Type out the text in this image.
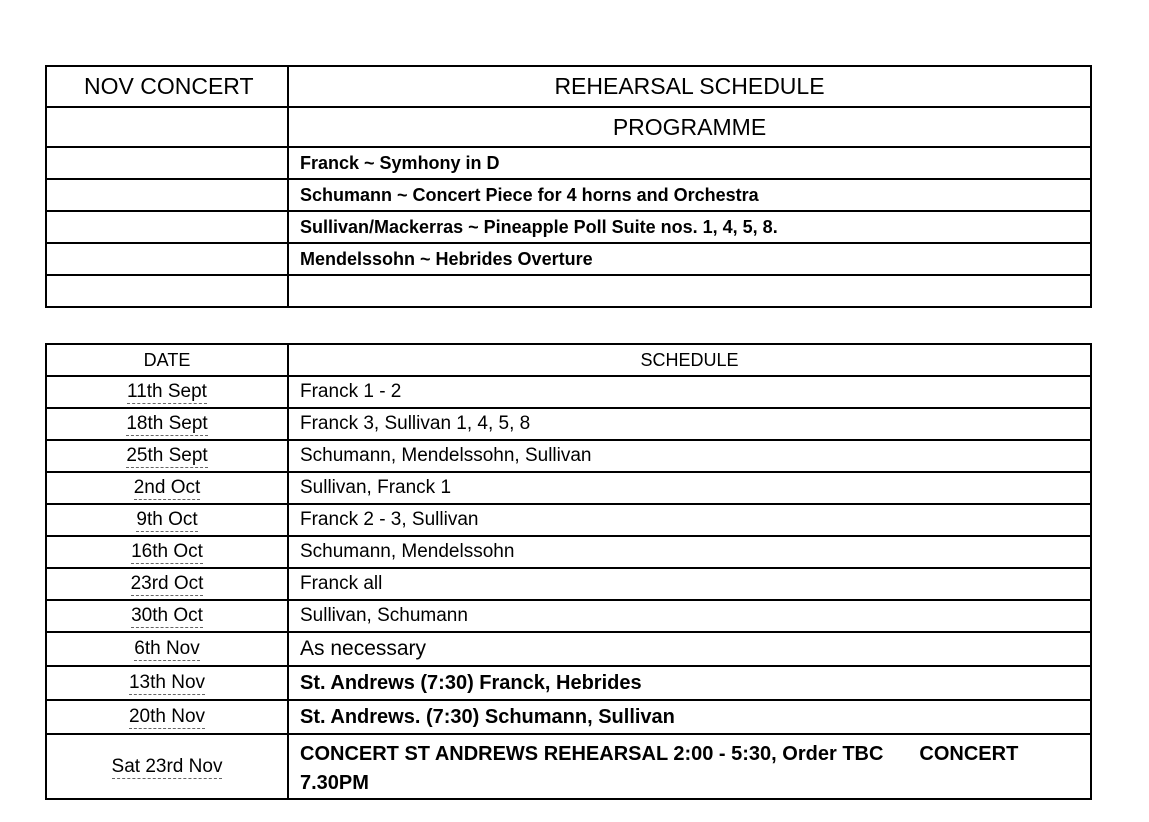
NOV CONCERT	REHEARSAL SCHEDULE
	PROGRAMME
	Franck ~ Symhony in D
	Schumann ~ Concert Piece for 4 horns and Orchestra
	Sullivan/Mackerras ~ Pineapple Poll Suite nos. 1, 4, 5, 8.
	Mendelssohn ~ Hebrides Overture

DATE	SCHEDULE
11th Sept	Franck 1 - 2
18th Sept	Franck 3, Sullivan 1, 4, 5, 8
25th Sept	Schumann, Mendelssohn, Sullivan
2nd Oct	Sullivan, Franck 1
9th Oct	Franck 2 - 3, Sullivan
16th Oct	Schumann, Mendelssohn
23rd Oct	Franck all
30th Oct	Sullivan, Schumann
6th Nov	As necessary
13th Nov	St. Andrews (7:30) Franck, Hebrides
20th Nov	St. Andrews. (7:30) Schumann, Sullivan
Sat 23rd Nov	CONCERT ST ANDREWS REHEARSAL 2:00 - 5:30, Order TBC CONCERT 7.30PM
